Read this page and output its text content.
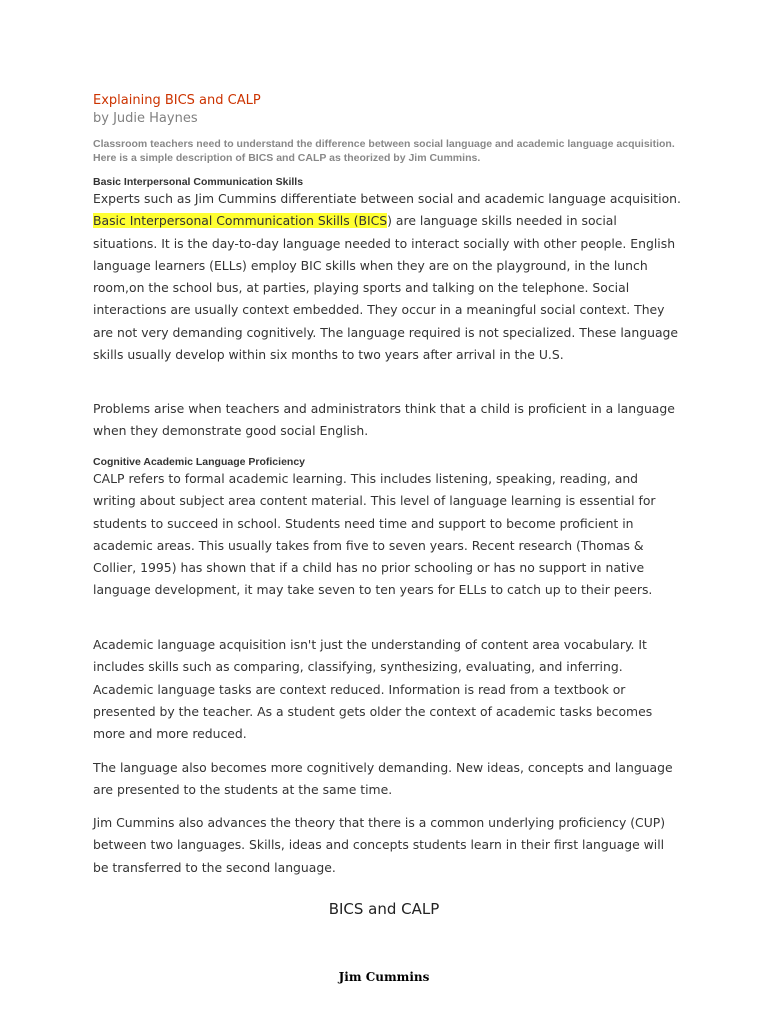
Explaining BICS and CALP

by Judie Haynes

Classroom teachers need to understand the difference between social language and academic language acquisition. Here is a simple description of BICS and CALP as theorized by Jim Cummins.

Basic Interpersonal Communication Skills

Experts such as Jim Cummins differentiate between social and academic language acquisition. Basic Interpersonal Communication Skills (BICS) are language skills needed in social situations. It is the day-to-day language needed to interact socially with other people. English language learners (ELLs) employ BIC skills when they are on the playground, in the lunch room,on the school bus, at parties, playing sports and talking on the telephone. Social interactions are usually context embedded. They occur in a meaningful social context. They are not very demanding cognitively. The language required is not specialized. These language skills usually develop within six months to two years after arrival in the U.S.

Problems arise when teachers and administrators think that a child is proficient in a language when they demonstrate good social English.

Cognitive Academic Language Proficiency

CALP refers to formal academic learning. This includes listening, speaking, reading, and writing about subject area content material. This level of language learning is essential for students to succeed in school. Students need time and support to become proficient in academic areas. This usually takes from five to seven years. Recent research (Thomas & Collier, 1995) has shown that if a child has no prior schooling or has no support in native language development, it may take seven to ten years for ELLs to catch up to their peers.

Academic language acquisition isn't just the understanding of content area vocabulary. It includes skills such as comparing, classifying, synthesizing, evaluating, and inferring. Academic language tasks are context reduced. Information is read from a textbook or presented by the teacher. As a student gets older the context of academic tasks becomes more and more reduced.

The language also becomes more cognitively demanding. New ideas, concepts and language are presented to the students at the same time.

Jim Cummins also advances the theory that there is a common underlying proficiency (CUP) between two languages. Skills, ideas and concepts students learn in their first language will be transferred to the second language.

BICS and CALP

Jim Cummins
